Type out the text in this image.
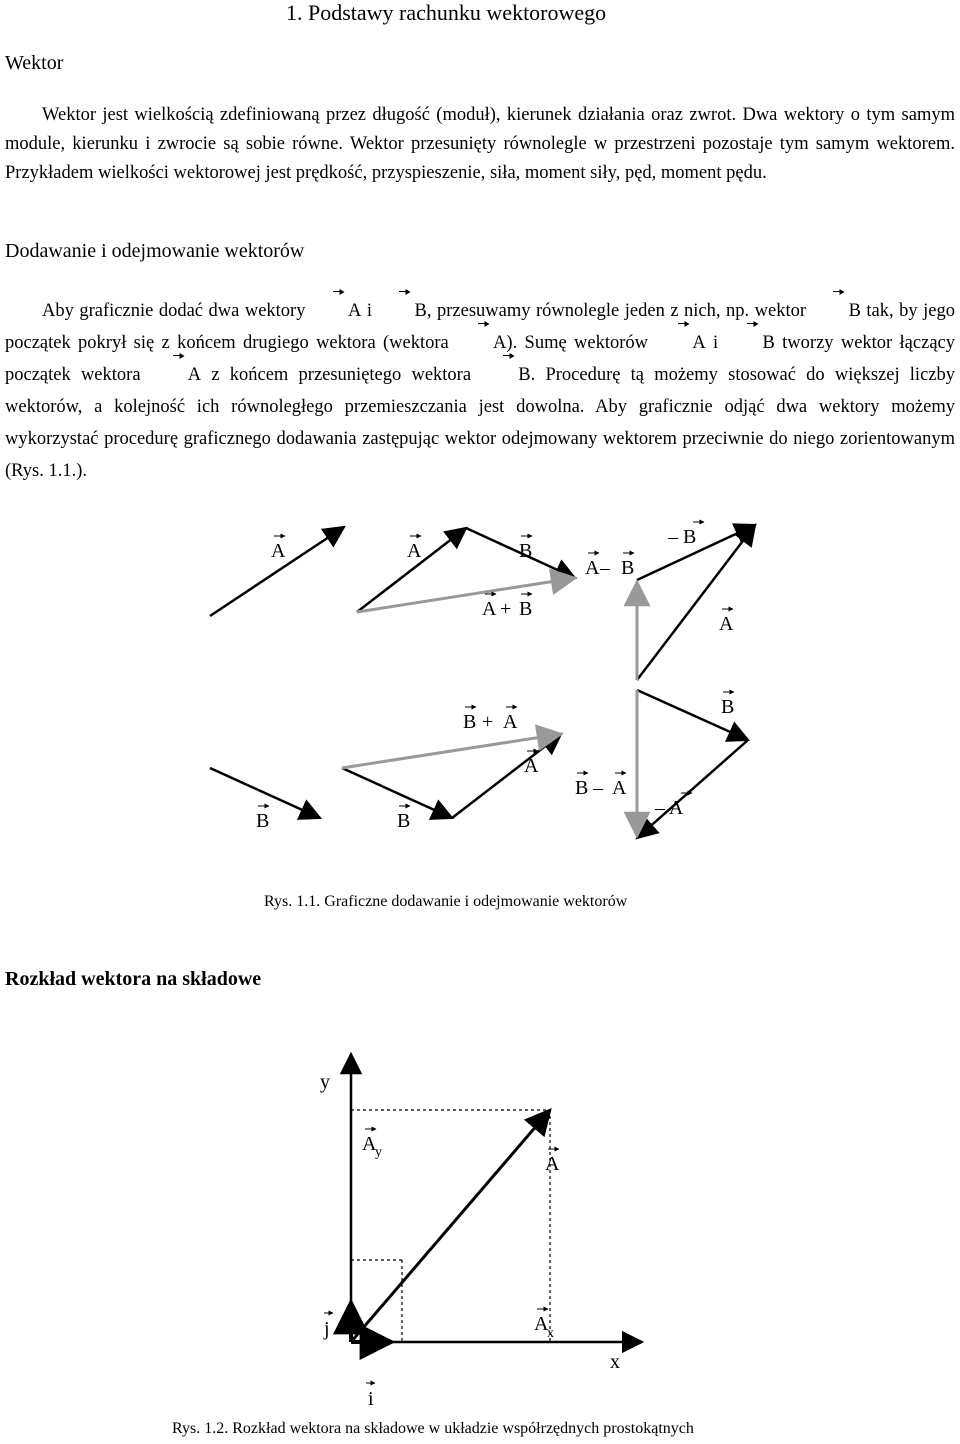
1. Podstawy rachunku wektorowego
Wektor
Wektor jest wielkością zdefiniowaną przez długość (moduł), kierunek działania oraz zwrot. Dwa wektory o tym samym module, kierunku i zwrocie są sobie równe. Wektor przesunięty równolegle w przestrzeni pozostaje tym samym wektorem. Przykładem wielkości wektorowej jest prędkość, przyspieszenie, siła, moment siły, pęd, moment pędu.
Dodawanie i odejmowanie wektorów
Aby graficznie dodać dwa wektory A i B, przesuwamy równolegle jeden z nich, np. wektor B tak, by jego początek pokrył się z końcem drugiego wektora (wektora A). Sumę wektorów A i B tworzy wektor łączący początek wektora A z końcem przesuniętego wektora B. Procedurę tą możemy stosować do większej liczby wektorów, a kolejność ich równoległego przemieszczania jest dowolna. Aby graficznie odjąć dwa wektory możemy wykorzystać procedurę graficznego dodawania zastępując wektor odejmowany wektorem przeciwnie do niego zorientowanym (Rys. 1.1.).
A	A	B
A + B
A – B
– B
A
B	B
B + A
A
B
B – A
– A
y
x
A
y
A
A
x
j
i
Rys. 1.1. Graficzne dodawanie i odejmowanie wektorów
Rozkład wektora na składowe
Rys. 1.2. Rozkład wektora na składowe w układzie współrzędnych prostokątnych
